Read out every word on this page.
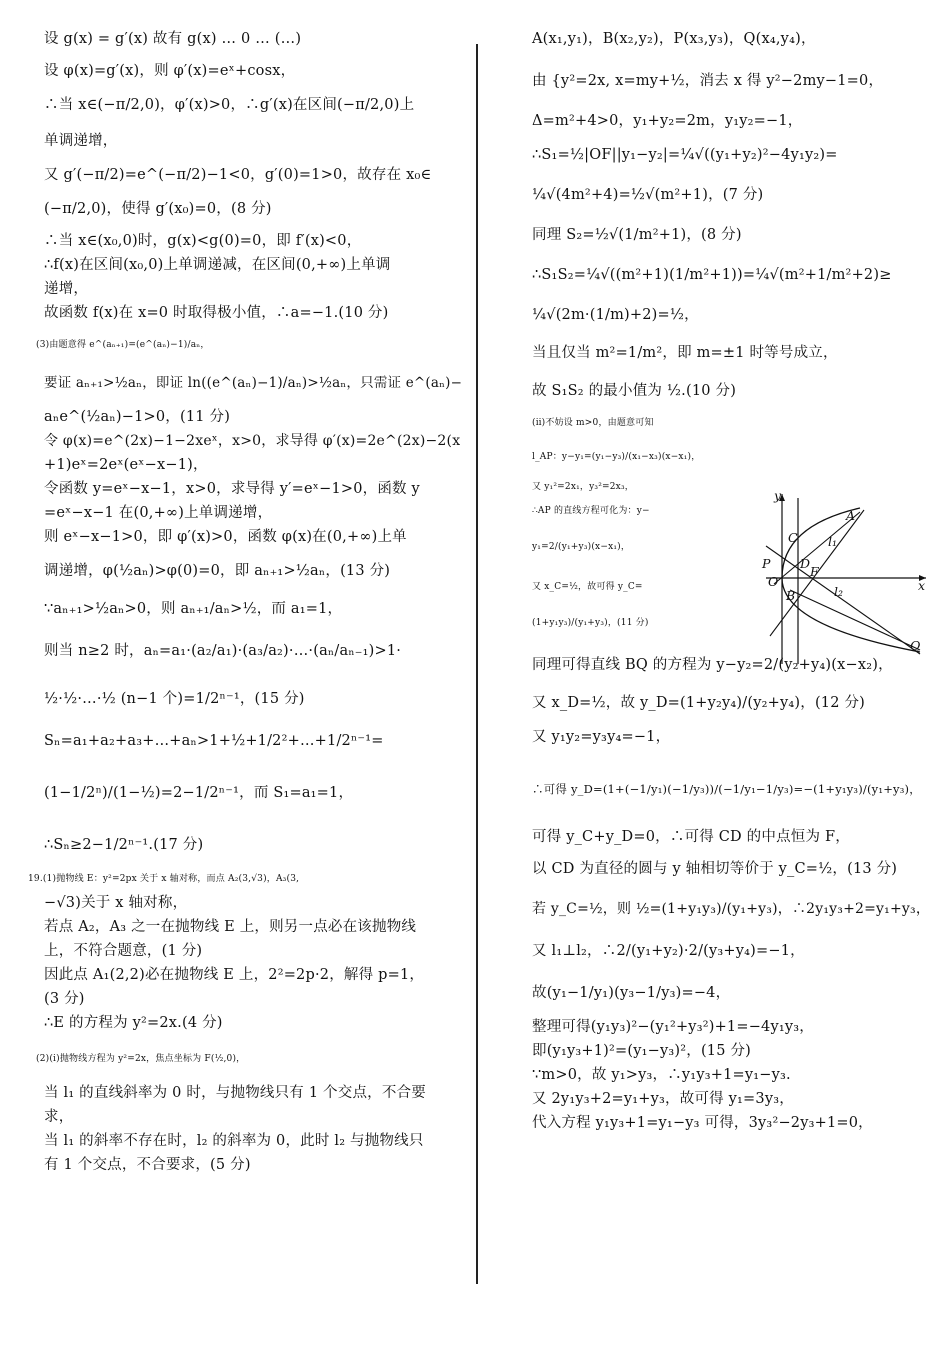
设 g(x) = g′(x) 故有 g(x) … 0 … (…)
设 φ(x)=g′(x)，则 φ′(x)=eˣ+cosx，
∴当 x∈(−π/2,0)，φ′(x)>0，∴g′(x)在区间(−π/2,0)上
单调递增，
又 g′(−π/2)=e^(−π/2)−1<0，g′(0)=1>0，故存在 x₀∈
(−π/2,0)，使得 g′(x₀)=0，(8 分)
∴当 x∈(x₀,0)时，g(x)<g(0)=0，即 f′(x)<0，
∴f(x)在区间(x₀,0)上单调递减，在区间(0,+∞)上单调
递增，
故函数 f(x)在 x=0 时取得极小值，∴a=−1.(10 分)
(3)由题意得 e^(aₙ₊₁)=(e^(aₙ)−1)/aₙ，
要证 aₙ₊₁>½aₙ，即证 ln((e^(aₙ)−1)/aₙ)>½aₙ，只需证 e^(aₙ)−
aₙe^(½aₙ)−1>0，(11 分)
令 φ(x)=e^(2x)−1−2xeˣ，x>0，求导得 φ′(x)=2e^(2x)−2(x
+1)eˣ=2eˣ(eˣ−x−1)，
令函数 y=eˣ−x−1，x>0，求导得 y′=eˣ−1>0，函数 y
=eˣ−x−1 在(0,+∞)上单调递增，
则 eˣ−x−1>0，即 φ′(x)>0，函数 φ(x)在(0,+∞)上单
调递增，φ(½aₙ)>φ(0)=0，即 aₙ₊₁>½aₙ，(13 分)
∵aₙ₊₁>½aₙ>0，则 aₙ₊₁/aₙ>½，而 a₁=1，
则当 n≥2 时，aₙ=a₁·(a₂/a₁)·(a₃/a₂)·…·(aₙ/aₙ₋₁)>1·
½·½·…·½ (n−1 个)=1/2ⁿ⁻¹，(15 分)
Sₙ=a₁+a₂+a₃+…+aₙ>1+½+1/2²+…+1/2ⁿ⁻¹=
(1−1/2ⁿ)/(1−½)=2−1/2ⁿ⁻¹，而 S₁=a₁=1，
∴Sₙ≥2−1/2ⁿ⁻¹.(17 分)
19.(1)抛物线 E：y²=2px 关于 x 轴对称，而点 A₂(3,√3)，A₃(3,
−√3)关于 x 轴对称，
若点 A₂，A₃ 之一在抛物线 E 上，则另一点必在该抛物线
上，不符合题意，(1 分)
因此点 A₁(2,2)必在抛物线 E 上，2²=2p·2，解得 p=1，
(3 分)
∴E 的方程为 y²=2x.(4 分)
(2)(ⅰ)抛物线方程为 y²=2x，焦点坐标为 F(½,0)，
当 l₁ 的直线斜率为 0 时，与抛物线只有 1 个交点，不合要
求，
当 l₁ 的斜率不存在时，l₂ 的斜率为 0，此时 l₂ 与抛物线只
有 1 个交点，不合要求，(5 分)
A(x₁,y₁)，B(x₂,y₂)，P(x₃,y₃)，Q(x₄,y₄)，
由 {y²=2x, x=my+½，消去 x 得 y²−2my−1=0，
Δ=m²+4>0，y₁+y₂=2m，y₁y₂=−1，
∴S₁=½|OF||y₁−y₂|=¼√((y₁+y₂)²−4y₁y₂)=
¼√(4m²+4)=½√(m²+1)，(7 分)
同理 S₂=½√(1/m²+1)，(8 分)
∴S₁S₂=¼√((m²+1)(1/m²+1))=¼√(m²+1/m²+2)≥
¼√(2m·(1/m)+2)=½，
当且仅当 m²=1/m²，即 m=±1 时等号成立，
故 S₁S₂ 的最小值为 ½.(10 分)
(ⅱ)不妨设 m>0，由题意可知
l_AP：y−y₁=(y₁−y₃)/(x₁−x₃)(x−x₁)，
又 y₁²=2x₁，y₃²=2x₃，
∴AP 的直线方程可化为：y−
y₁=2/(y₁+y₃)(x−x₁)，
又 x_C=½，故可得 y_C=
(1+y₁y₃)/(y₁+y₃)，(11 分)
同理可得直线 BQ 的方程为 y−y₂=2/(y₂+y₄)(x−x₂)，
又 x_D=½，故 y_D=(1+y₂y₄)/(y₂+y₄)，(12 分)
又 y₁y₂=y₃y₄=−1，
∴可得 y_D=(1+(−1/y₁)(−1/y₃))/(−1/y₁−1/y₃)=−(1+y₁y₃)/(y₁+y₃)，
可得 y_C+y_D=0，∴可得 CD 的中点恒为 F，
以 CD 为直径的圆与 y 轴相切等价于 y_C=½，(13 分)
若 y_C=½，则 ½=(1+y₁y₃)/(y₁+y₃)，∴2y₁y₃+2=y₁+y₃，
又 l₁⊥l₂，∴2/(y₁+y₂)·2/(y₃+y₄)=−1，
故(y₁−1/y₁)(y₃−1/y₃)=−4，
整理可得(y₁y₃)²−(y₁²+y₃²)+1=−4y₁y₃，
即(y₁y₃+1)²=(y₁−y₃)²，(15 分)
∵m>0，故 y₁>y₃，∴y₁y₃+1=y₁−y₃.
又 2y₁y₃+2=y₁+y₃，故可得 y₁=3y₃，
代入方程 y₁y₃+1=y₁−y₃ 可得，3y₃²−2y₃+1=0，
y
x
A
C l₁
P D
F
O
B	l₂
Q
